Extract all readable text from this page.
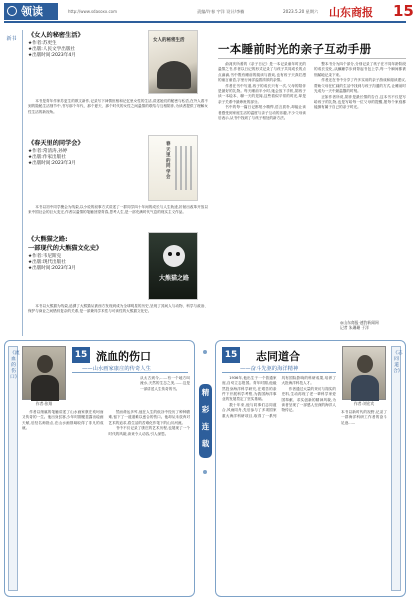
领读	http://www.sdasoxx.com	责编/许春 宇洋 设计/李楠	2023.5.20 星期六 山东商报 15
新书 《女人的秘密生活》
★作者:苏更生
★出版:人民文学出版社
★出版时间:2023年4月
女人的秘密生活
本书是青年作家苏更生的散文新作,记录写下神情世相和记忆里女性的生活,讲述她们的秘密与私语,在外人看不到的隐秘生活细节中,书写那个年代、那个夏天、那个时代的女性之间温情的联结与互相陪伴,为读者提供了理解女性生活的新视角。
《春天里的同学会》
★作者:常清涛,孙婷
★出版:作家出版社
★出版时间:2023年3月
春天里的同学会
本书以初中同学聚会为线索,以小说的叙事方式讲述了一群同学四十年间的成长与人生轨迹,折射出改革开放以来中国社会的巨大变迁,作者以温情的笔触回望青春,思考人生,是一部充满时代气息的现实主义作品。
《大熊猫之路:
一部现代的大熊猫文化史》
★作者:韦尼斯克
★出版:现代出版社
★出版时间:2023年3月
大熊猫之路
本书以大熊猫为线索,追溯了大熊猫从被西方发现到成为全球明星的历史,呈现了其间人与动物、科学与政治、保护与商业之间错综复杂的关系,是一部兼具学术性与可读性的大熊猫文化史。
一本睡前时光的亲子互动手册

俞菏庆所著的《亲子日记》是一本记录童年时光的温情之书,作者以日记的形式记录了与孩子共同成长的点点滴滴,书中既有睡前的阅读与游戏,也有孩子天真烂漫的童言童语,字里行间洋溢着浓浓的亲情。

作者在书中写道,孩子的成长只有一次,父母的陪伴是最好的礼物。每天睡前半小时,她会放下手机,陪孩子读一本绘本、聊一天的见闻,这些看似平常的时光,却是亲子关系中最珍贵的部分。

书中的每一篇日记都短小精悍,语言质朴,却能让读者感受到家庭生活的温度与亲子互动的乐趣,不少父母读后表示,从书中找到了与孩子相处的新方法。

整本书分为四个部分,分别记录了孩子在不同年龄阶段的成长变化,从蹒跚学步到背起书包上学,每一个瞬间都被细腻地记录下来。

作者还在书中分享了许多实用的亲子游戏和阅读建议,帮助父母在忙碌的生活中找到与孩子沟通的方式,让睡前时光成为一天中最温馨的时刻。

正如作者所说,陪伴是最长情的告白,这本书不仅是写给孩子的礼物,也是写给每一位父母的提醒,愿每个家庭都能拥有属于自己的亲子时光。

◎山东商报·速豹新闻网
记者 朱珊珊 于洋
《流血的伤口》
作者:张翔
15 流血的伤口
——山水画家康庄的传奇人生
从太古到今,……有一个地方叫流水,天然的生态之美,……这是一部讲述人生传奇的书。

作者以细腻的笔触讲述了山水画家康庄坎坷而又传奇的一生。他出身贫寒,少年时期便显露出绘画天赋,后经名师指点,在山水画领域取得了非凡的成就。

然而命运多舛,他在人生的低谷中经历了种种磨难,留下了一道道难以愈合的伤口。他却从未放弃对艺术的追求,将生活的苦难化作笔下的山川河流。

书中不仅记录了康庄的艺术历程,也展现了一个时代的风貌,读来令人动容,引人深思。

精
彩
连
载
15 志同道合
——奋斗先驱的海洋精神
作者:刘宏宾
《志同道合》

1936年,他出生于一个普通家庭,自幼立志报国。青年时期,他毅然投身海洋科学研究,在艰苦的条件下开展科学考察,为我国海洋事业的发展奠定了坚实基础。

数十年来,他与同事们志同道合,风雨同舟,先后参与了多项国家重大海洋科研项目,取得了一系列具有国际影响的科研成果,培养了大批海洋科技人才。

作者通过大量的采访与翔实的史料,生动再现了老一辈科学家爱国奉献、求实创新的精神风貌,为读者呈现了一部感人至深的海洋人物传记。	本书以新时代的视野,记录了一群海洋科研工作者的奋斗足迹……
